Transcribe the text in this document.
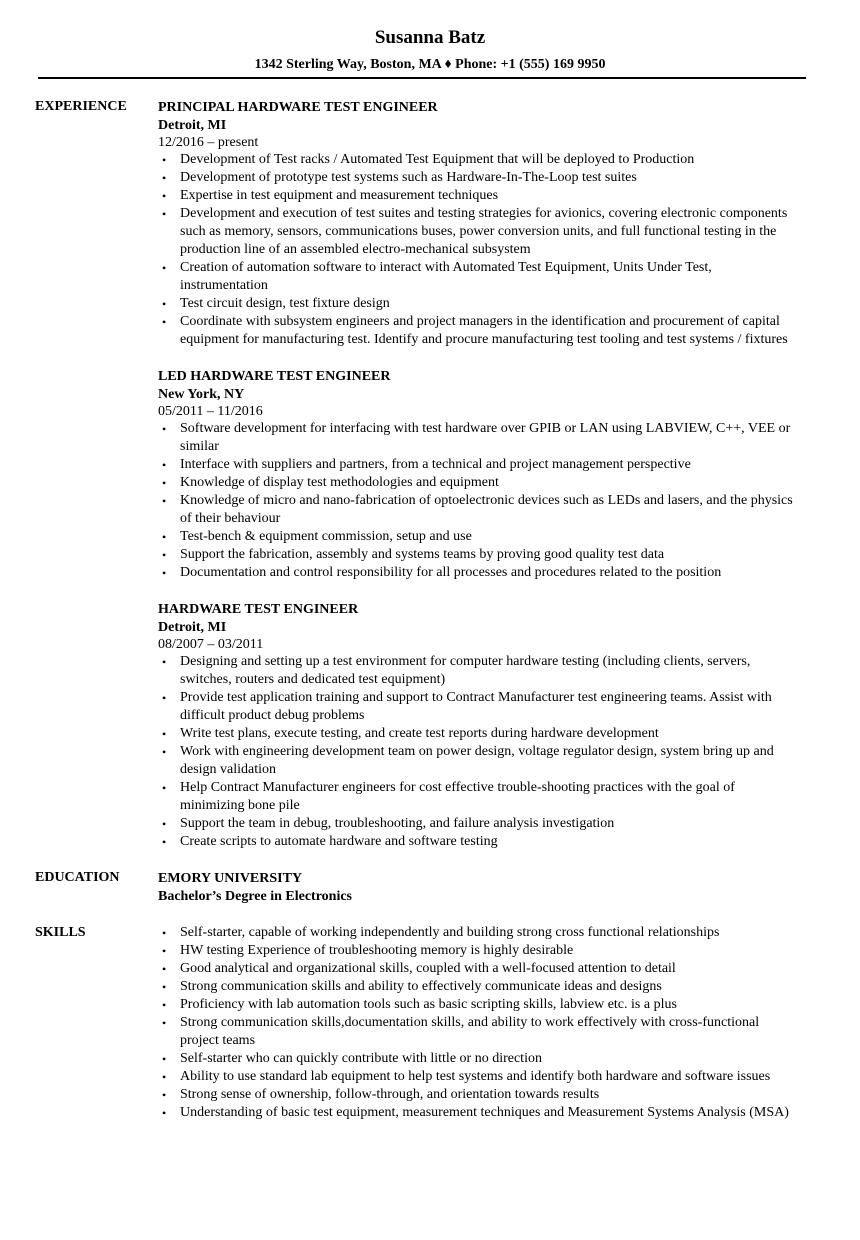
Susanna Batz
1342 Sterling Way, Boston, MA ♦ Phone: +1 (555) 169 9950
EXPERIENCE PRINCIPAL HARDWARE TEST ENGINEER
Detroit, MI
12/2016 – present
• Development of Test racks / Automated Test Equipment that will be deployed to Production
• Development of prototype test systems such as Hardware-In-The-Loop test suites
• Expertise in test equipment and measurement techniques
• Development and execution of test suites and testing strategies for avionics, covering electronic components such as memory, sensors, communications buses, power conversion units, and full functional testing in the production line of an assembled electro-mechanical subsystem
• Creation of automation software to interact with Automated Test Equipment, Units Under Test, instrumentation
• Test circuit design, test fixture design
• Coordinate with subsystem engineers and project managers in the identification and procurement of capital equipment for manufacturing test. Identify and procure manufacturing test tooling and test systems / fixtures
LED HARDWARE TEST ENGINEER
New York, NY
05/2011 – 11/2016
• Software development for interfacing with test hardware over GPIB or LAN using LABVIEW, C++, VEE or similar
• Interface with suppliers and partners, from a technical and project management perspective
• Knowledge of display test methodologies and equipment
• Knowledge of micro and nano-fabrication of optoelectronic devices such as LEDs and lasers, and the physics of their behaviour
• Test-bench & equipment commission, setup and use
• Support the fabrication, assembly and systems teams by proving good quality test data
• Documentation and control responsibility for all processes and procedures related to the position
HARDWARE TEST ENGINEER
Detroit, MI
08/2007 – 03/2011
• Designing and setting up a test environment for computer hardware testing (including clients, servers, switches, routers and dedicated test equipment)
• Provide test application training and support to Contract Manufacturer test engineering teams. Assist with difficult product debug problems
• Write test plans, execute testing, and create test reports during hardware development
• Work with engineering development team on power design, voltage regulator design, system bring up and design validation
• Help Contract Manufacturer engineers for cost effective trouble-shooting practices with the goal of minimizing bone pile
• Support the team in debug, troubleshooting, and failure analysis investigation
• Create scripts to automate hardware and software testing
EDUCATION	EMORY UNIVERSITY
Bachelor’s Degree in Electronics
SKILLS	• Self-starter, capable of working independently and building strong cross functional relationships
• HW testing Experience of troubleshooting memory is highly desirable
• Good analytical and organizational skills, coupled with a well-focused attention to detail
• Strong communication skills and ability to effectively communicate ideas and designs
• Proficiency with lab automation tools such as basic scripting skills, labview etc. is a plus
• Strong communication skills,documentation skills, and ability to work effectively with cross-functional project teams
• Self-starter who can quickly contribute with little or no direction
• Ability to use standard lab equipment to help test systems and identify both hardware and software issues
• Strong sense of ownership, follow-through, and orientation towards results
• Understanding of basic test equipment, measurement techniques and Measurement Systems Analysis (MSA)
